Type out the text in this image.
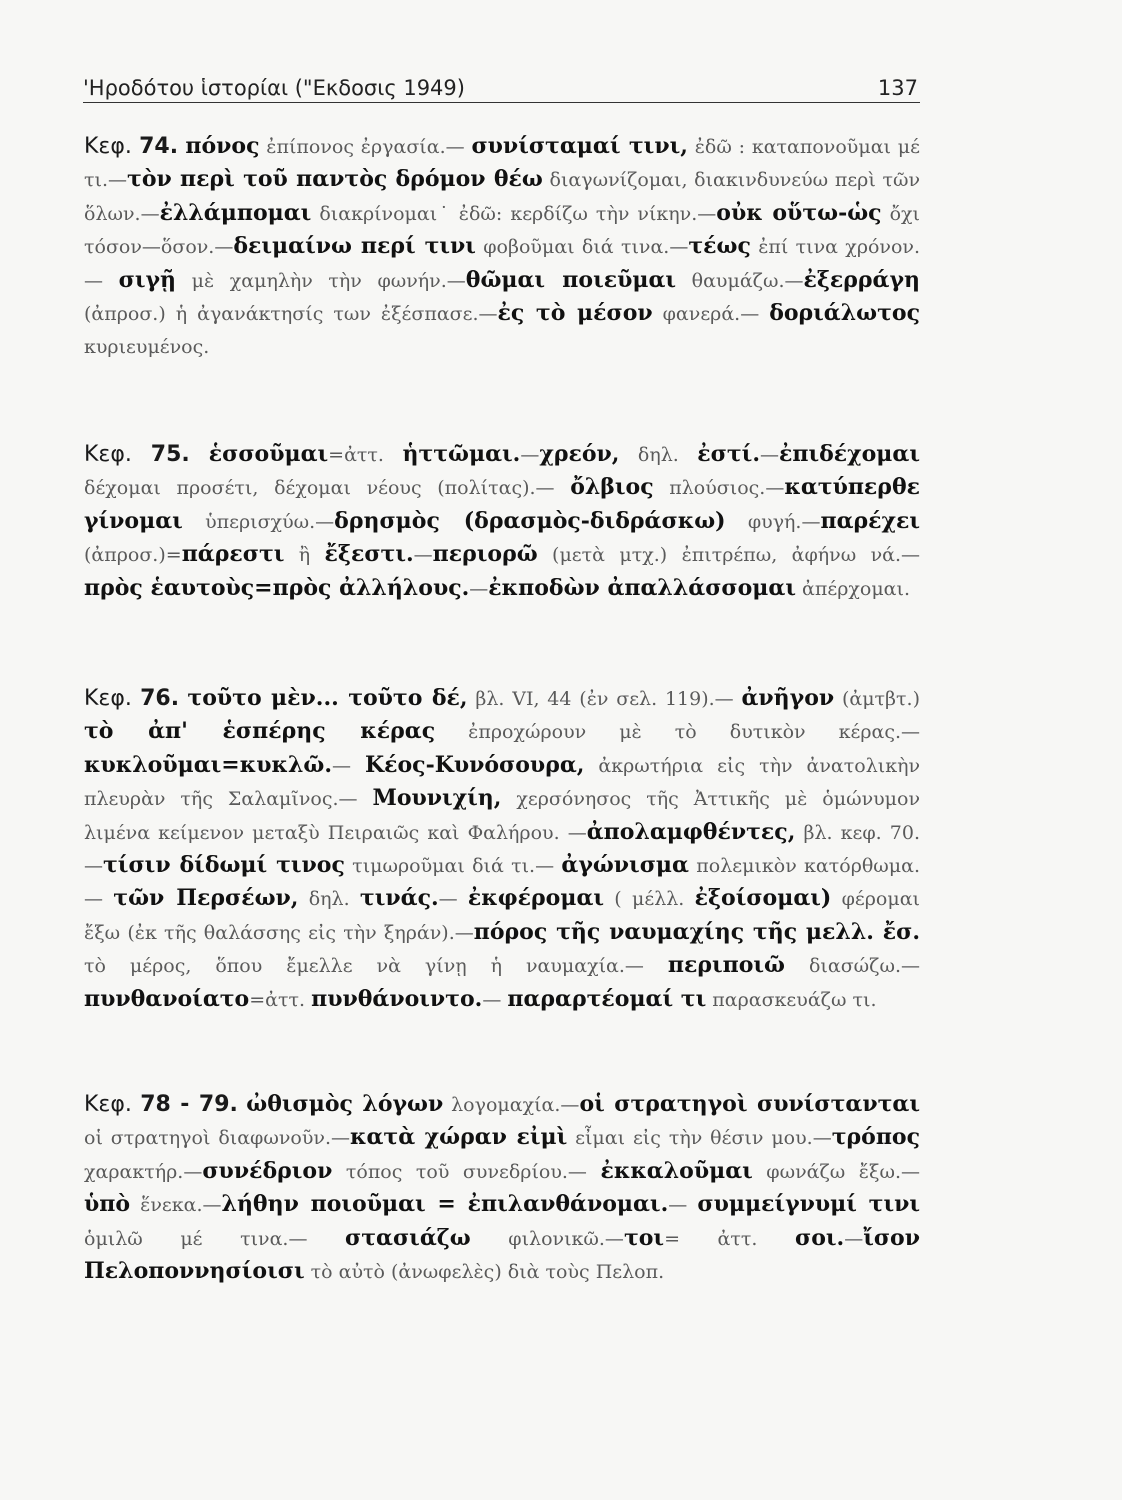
'Ηροδότου ἱστορίαι ("Εκδοσις 1949)	137

Κεφ. 74. πόνος ἐπίπονος ἐργασία.— συνίσταμαί τινι, ἐδῶ : καταπονοῦμαι μέ τι.—τὸν περὶ τοῦ παντὸς δρόμον θέω διαγωνίζομαι, διακινδυνεύω περὶ τῶν ὅλων.—ἐλλάμπομαι διακρίνομαι˙ ἐδῶ: κερδίζω τὴν νίκην.—οὐκ οὕτω-ὡς ὄχι τόσον—ὅσον.—δειμαίνω περί τινι φοβοῦμαι διά τινα.—τέως ἐπί τινα χρόνον.— σιγῇ μὲ χαμηλὴν τὴν φωνήν.—θῶμαι ποιεῦμαι θαυμάζω.—ἐξερράγη (ἀπροσ.) ἡ ἀγανάκτησίς των ἐξέσπασε.—ἐς τὸ μέσον φανερά.— δοριάλωτος κυριευμένος.

Κεφ. 75. ἑσσοῦμαι=ἀττ. ἡττῶμαι.—χρεόν, δηλ. ἐστί.—ἐπιδέχομαι δέχομαι προσέτι, δέχομαι νέους (πολίτας).— ὄλβιος πλούσιος.—κατύπερθε γίνομαι ὑπερισχύω.—δρησμὸς (δρασμὸς-διδράσκω) φυγή.—παρέχει (ἀπροσ.)=πάρεστι ἢ ἔξεστι.—περιορῶ (μετὰ μτχ.) ἐπιτρέπω, ἀφήνω νά.—πρὸς ἑαυτοὺς=πρὸς ἀλλήλους.—ἐκποδὼν ἀπαλλάσσομαι ἀπέρχομαι.

Κεφ. 76. τοῦτο μὲν... τοῦτο δέ, βλ. VI, 44 (ἐν σελ. 119).— ἀνῆγον (ἀμτβτ.) τὸ ἀπ' ἑσπέρης κέρας ἐπροχώρουν μὲ τὸ δυτικὸν κέρας.— κυκλοῦμαι=κυκλῶ.— Κέος-Κυνόσουρα, ἀκρωτήρια εἰς τὴν ἀνατολικὴν πλευρὰν τῆς Σαλαμῖνος.— Μουνιχίη, χερσόνησος τῆς Ἀττικῆς μὲ ὁμώνυμον λιμένα κείμενον μεταξὺ Πειραιῶς καὶ Φαλήρου. —ἀπολαμφθέντες, βλ. κεφ. 70.—τίσιν δίδωμί τινος τιμωροῦμαι διά τι.— ἀγώνισμα πολεμικὸν κατόρθωμα.— τῶν Περσέων, δηλ. τινάς.— ἐκφέρομαι ( μέλλ. ἐξοίσομαι) φέρομαι ἔξω (ἐκ τῆς θαλάσσης εἰς τὴν ξηράν).—πόρος τῆς ναυμαχίης τῆς μελλ. ἔσ. τὸ μέρος, ὅπου ἔμελλε νὰ γίνῃ ἡ ναυμαχία.— περιποιῶ διασώζω.— πυνθανοίατο=ἀττ. πυνθάνοιντο.— παραρτέομαί τι παρασκευάζω τι.

Κεφ. 78 - 79. ὠθισμὸς λόγων λογομαχία.—οἱ στρατηγοὶ συνίστανται οἱ στρατηγοὶ διαφωνοῦν.—κατὰ χώραν εἰμὶ εἶμαι εἰς τὴν θέσιν μου.—τρόπος χαρακτήρ.—συνέδριον τόπος τοῦ συνεδρίου.— ἐκκαλοῦμαι φωνάζω ἔξω.—ὑπὸ ἕνεκα.—λήθην ποιοῦμαι = ἐπιλανθάνομαι.— συμμείγνυμί τινι ὁμιλῶ μέ τινα.— στασιάζω φιλονικῶ.—τοι= ἀττ. σοι.—ἴσον Πελοποννησίοισι τὸ αὐτὸ (ἀνωφελὲς) διὰ τοὺς Πελοπ.
